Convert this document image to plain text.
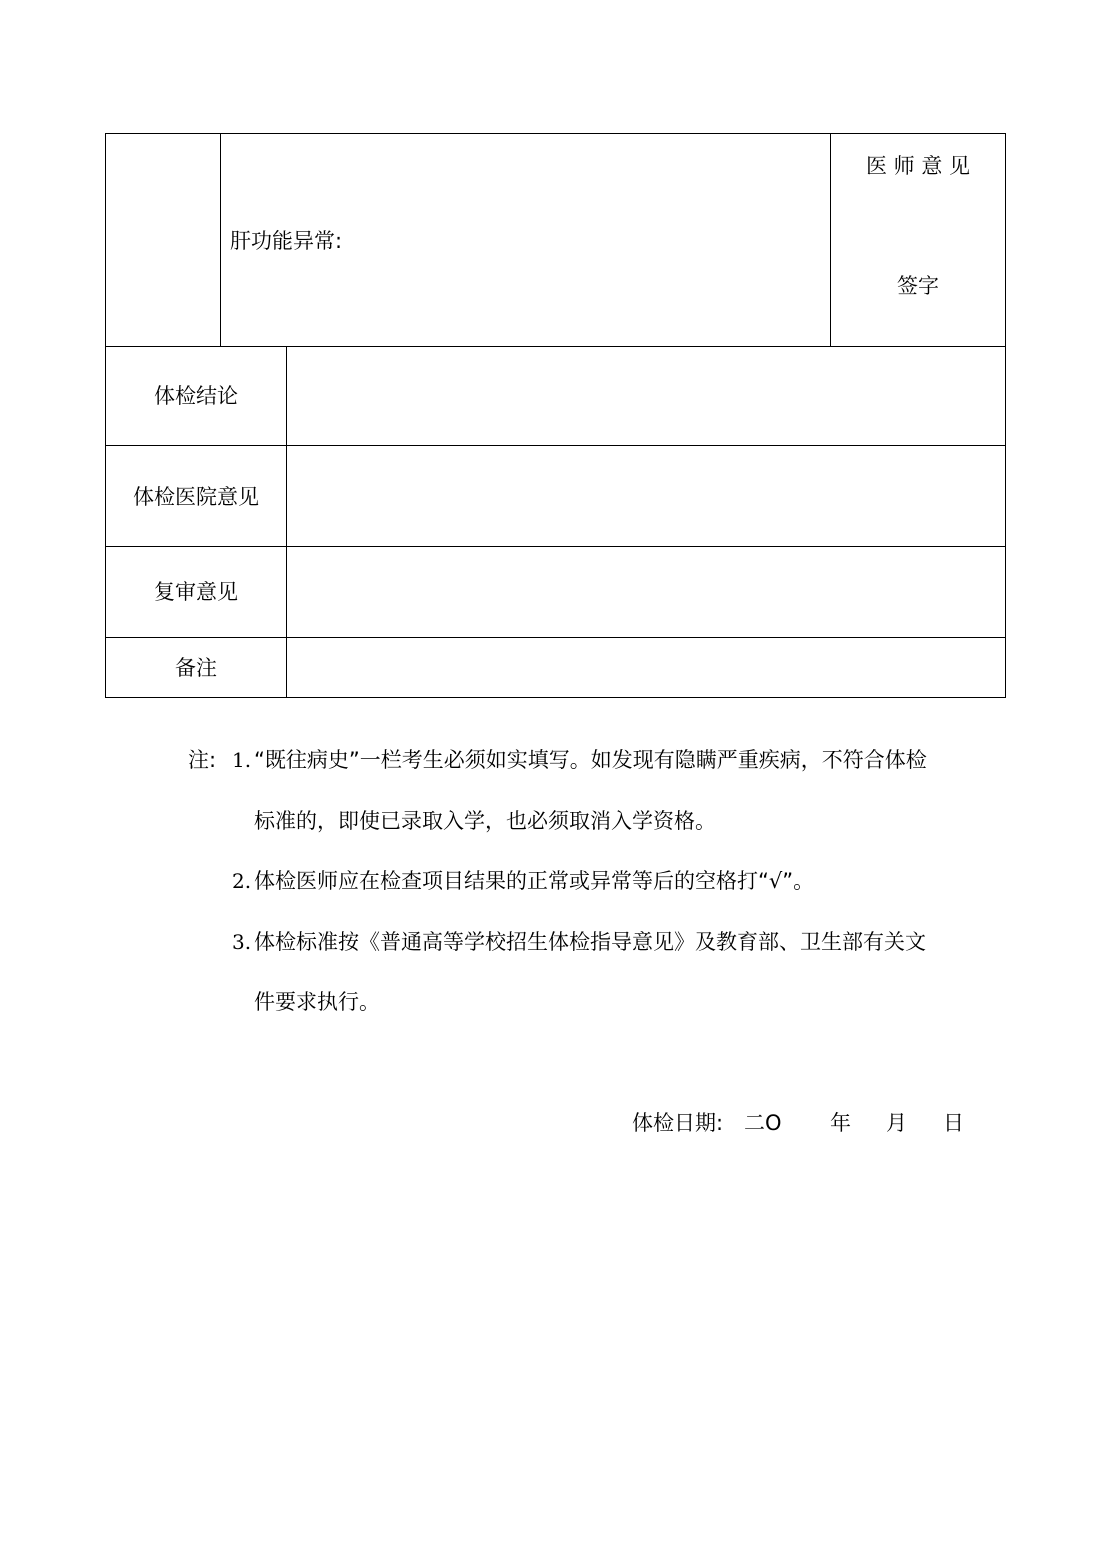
肝功能异常:
医 师 意 见
签字
体检结论
体检医院意见
复审意见
备注
注: 1. “既往病史”一栏考生必须如实填写。如发现有隐瞒严重疾病，不符合体检
标准的，即使已录取入学，也必须取消入学资格。
2. 体检医师应在检查项目结果的正常或异常等后的空格打“√”。
3. 体检标准按《普通高等学校招生体检指导意见》及教育部、卫生部有关文
件要求执行。
体检日期: 二O 年 月 日
